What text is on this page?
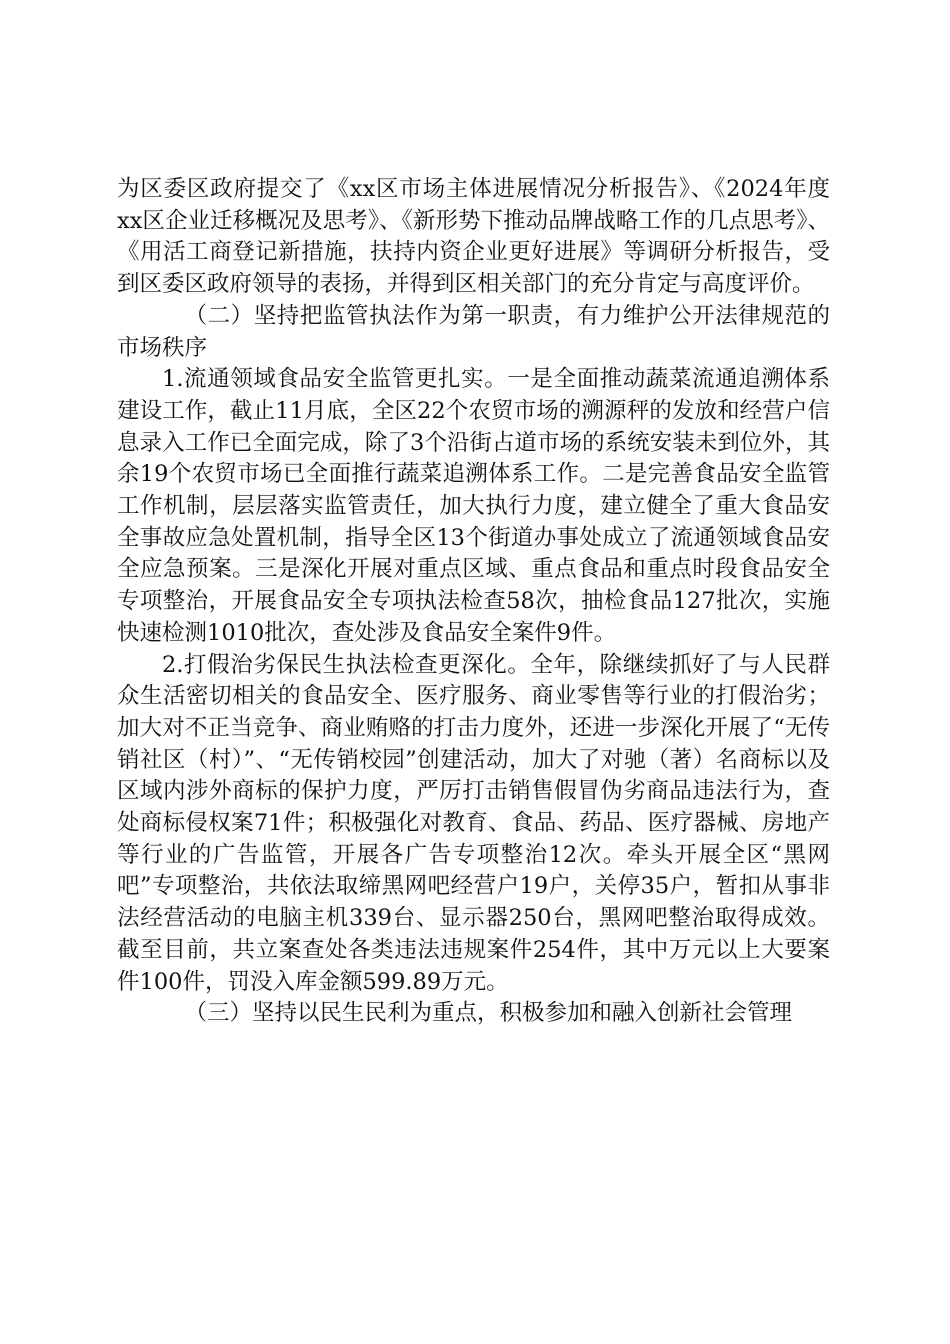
为区委区政府提交了《xx区市场主体进展情况分析报告》、《2024年度xx区企业迁移概况及思考》、《新形势下推动品牌战略工作的几点思考》、《用活工商登记新措施，扶持内资企业更好进展》等调研分析报告，受到区委区政府领导的表扬，并得到区相关部门的充分肯定与高度评价。

（二）坚持把监管执法作为第一职责，有力维护公开法律规范的市场秩序

1.流通领域食品安全监管更扎实。一是全面推动蔬菜流通追溯体系建设工作，截止11月底，全区22个农贸市场的溯源秤的发放和经营户信息录入工作已全面完成，除了3个沿街占道市场的系统安装未到位外，其余19个农贸市场已全面推行蔬菜追溯体系工作。二是完善食品安全监管工作机制，层层落实监管责任，加大执行力度，建立健全了重大食品安全事故应急处置机制，指导全区13个街道办事处成立了流通领域食品安全应急预案。三是深化开展对重点区域、重点食品和重点时段食品安全专项整治，开展食品安全专项执法检查58次，抽检食品127批次，实施快速检测1010批次，查处涉及食品安全案件9件。

2.打假治劣保民生执法检查更深化。全年，除继续抓好了与人民群众生活密切相关的食品安全、医疗服务、商业零售等行业的打假治劣；加大对不正当竞争、商业贿赂的打击力度外，还进一步深化开展了“无传销社区（村）”、“无传销校园”创建活动，加大了对驰（著）名商标以及区域内涉外商标的保护力度，严厉打击销售假冒伪劣商品违法行为，查处商标侵权案71件；积极强化对教育、食品、药品、医疗器械、房地产等行业的广告监管，开展各广告专项整治12次。牵头开展全区“黑网吧”专项整治，共依法取缔黑网吧经营户19户，关停35户，暂扣从事非法经营活动的电脑主机339台、显示器250台，黑网吧整治取得成效。截至目前，共立案查处各类违法违规案件254件，其中万元以上大要案件100件，罚没入库金额599.89万元。

（三）坚持以民生民利为重点，积极参加和融入创新社会管理
